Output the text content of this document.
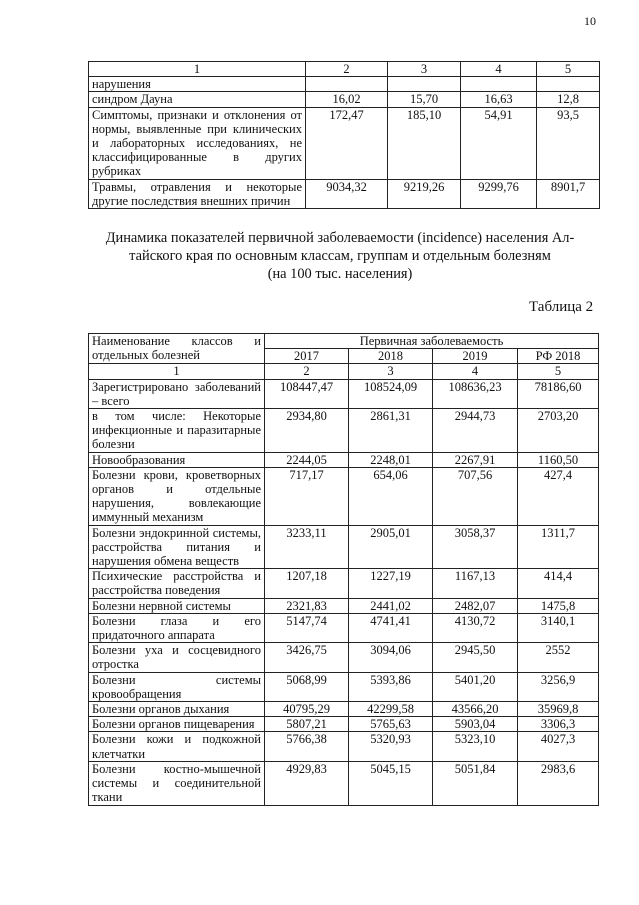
10
1	2	3	4	5
нарушения				
синдром Дауна	16,02	15,70	16,63	12,8
Симптомы, признаки и отклонения от нормы, выявленные при клинических и лабораторных исследованиях, не классифицированные в других рубриках	172,47	185,10	54,91	93,5
Травмы, отравления и некоторые другие последствия внешних причин	9034,32	9219,26	9299,76	8901,7
Динамика показателей первичной заболеваемости (incidence) населения Ал-
тайского края по основным классам, группам и отдельным болезням
(на 100 тыс. населения)
Таблица 2
Наименование классов и отдельных болезней	Первичная заболеваемость			
	2017	2018	2019	РФ 2018
1	2	3	4	5
Зарегистрировано заболеваний – всего	108447,47	108524,09	108636,23	78186,60
в том числе: Некоторые инфекционные и паразитарные болезни	2934,80	2861,31	2944,73	2703,20
Новообразования	2244,05	2248,01	2267,91	1160,50
Болезни крови, кроветворных органов и отдельные нарушения, вовлекающие иммунный механизм	717,17	654,06	707,56	427,4
Болезни эндокринной системы, расстройства питания и нарушения обмена веществ	3233,11	2905,01	3058,37	1311,7
Психические расстройства и расстройства поведения	1207,18	1227,19	1167,13	414,4
Болезни нервной системы	2321,83	2441,02	2482,07	1475,8
Болезни глаза и его придаточного аппарата	5147,74	4741,41	4130,72	3140,1
Болезни уха и сосцевидного отростка	3426,75	3094,06	2945,50	2552
Болезни системы кровообращения	5068,99	5393,86	5401,20	3256,9
Болезни органов дыхания	40795,29	42299,58	43566,20	35969,8
Болезни органов пищеварения	5807,21	5765,63	5903,04	3306,3
Болезни кожи и подкожной клетчатки	5766,38	5320,93	5323,10	4027,3
Болезни костно-мышечной системы и соединительной ткани	4929,83	5045,15	5051,84	2983,6
